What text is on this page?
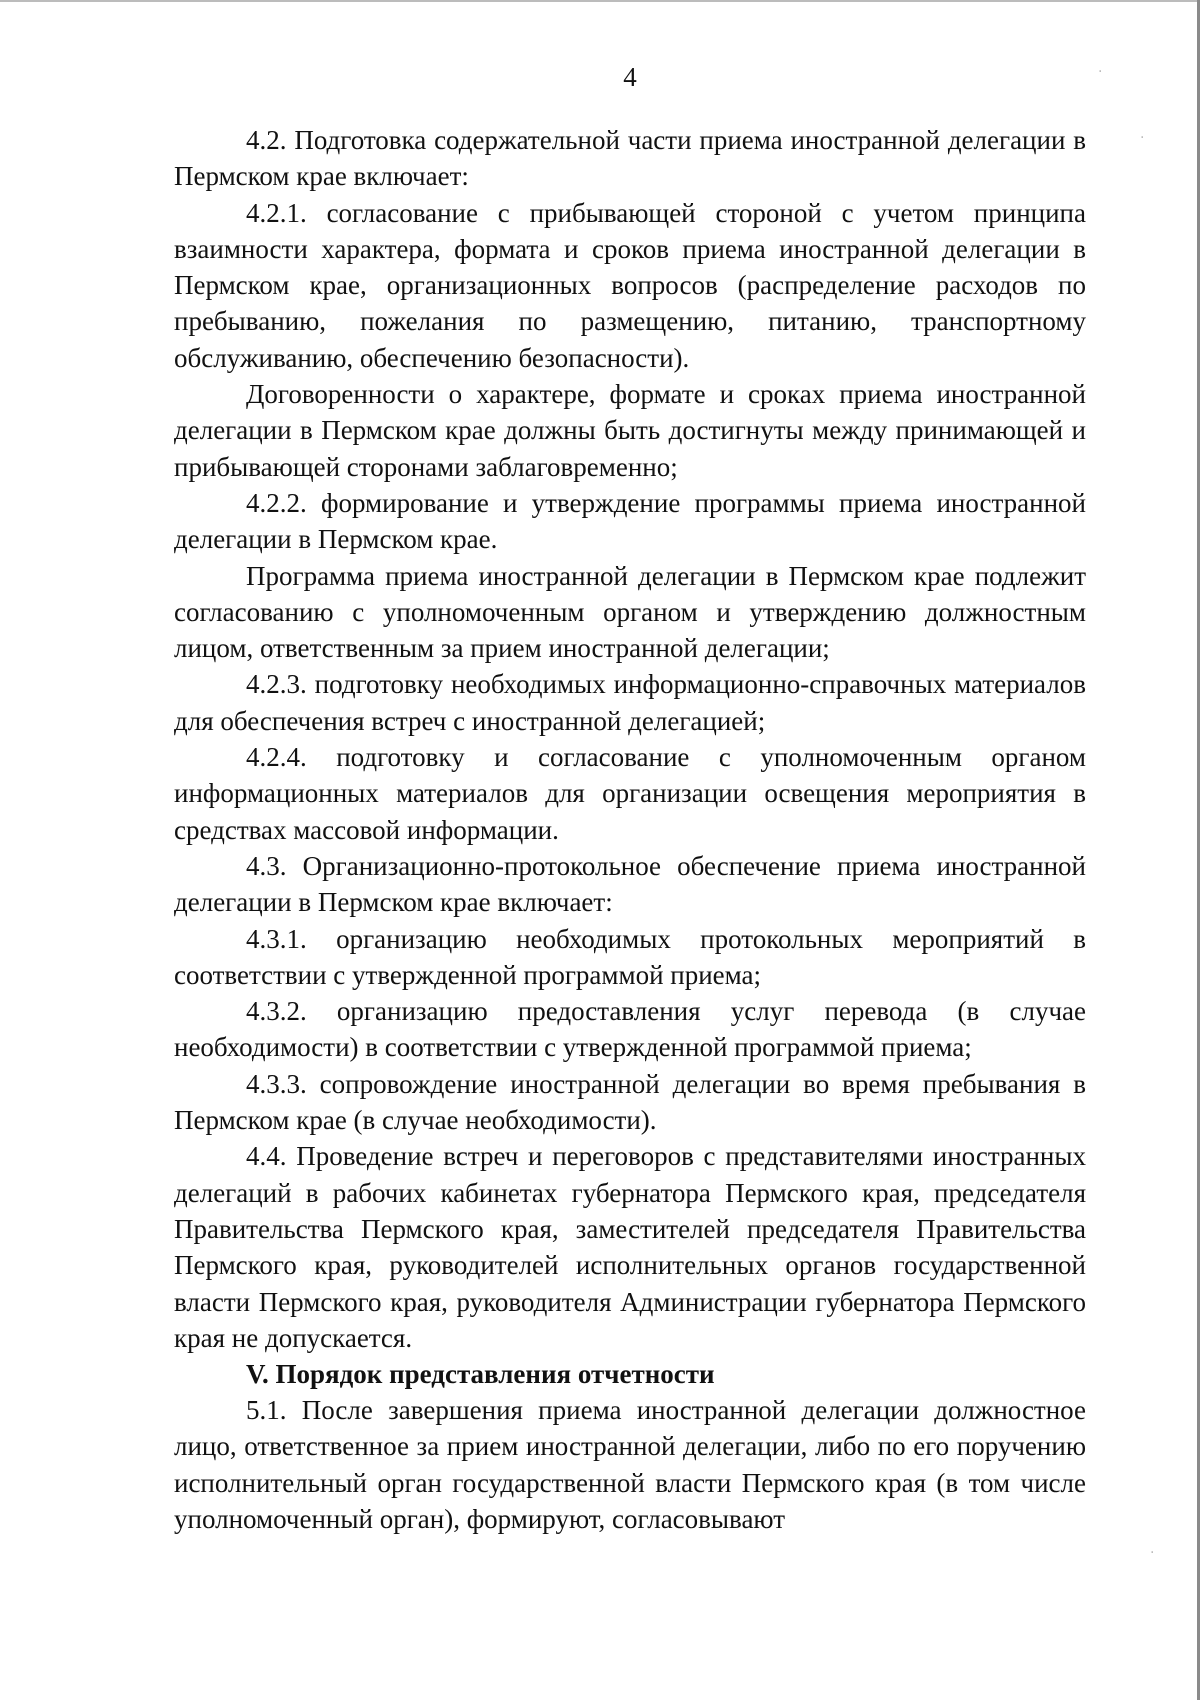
4

4.2. Подготовка содержательной части приема иностранной делегации в Пермском крае включает:

4.2.1. согласование с прибывающей стороной с учетом принципа взаимности характера, формата и сроков приема иностранной делегации в Пермском крае, организационных вопросов (распределение расходов по пребыванию, пожелания по размещению, питанию, транспортному обслуживанию, обеспечению безопасности).

Договоренности о характере, формате и сроках приема иностранной делегации в Пермском крае должны быть достигнуты между принимающей и прибывающей сторонами заблаговременно;

4.2.2. формирование и утверждение программы приема иностранной делегации в Пермском крае.

Программа приема иностранной делегации в Пермском крае подлежит согласованию с уполномоченным органом и утверждению должностным лицом, ответственным за прием иностранной делегации;

4.2.3. подготовку необходимых информационно-справочных материалов для обеспечения встреч с иностранной делегацией;

4.2.4. подготовку и согласование с уполномоченным органом информационных материалов для организации освещения мероприятия в средствах массовой информации.

4.3. Организационно-протокольное обеспечение приема иностранной делегации в Пермском крае включает:

4.3.1. организацию необходимых протокольных мероприятий в соответствии с утвержденной программой приема;

4.3.2. организацию предоставления услуг перевода (в случае необходимости) в соответствии с утвержденной программой приема;

4.3.3. сопровождение иностранной делегации во время пребывания в Пермском крае (в случае необходимости).

4.4. Проведение встреч и переговоров с представителями иностранных делегаций в рабочих кабинетах губернатора Пермского края, председателя Правительства Пермского края, заместителей председателя Правительства Пермского края, руководителей исполнительных органов государственной власти Пермского края, руководителя Администрации губернатора Пермского края не допускается.

V. Порядок представления отчетности

5.1. После завершения приема иностранной делегации должностное лицо, ответственное за прием иностранной делегации, либо по его поручению исполнительный орган государственной власти Пермского края (в том числе уполномоченный орган), формируют, согласовывают

·
·
·
